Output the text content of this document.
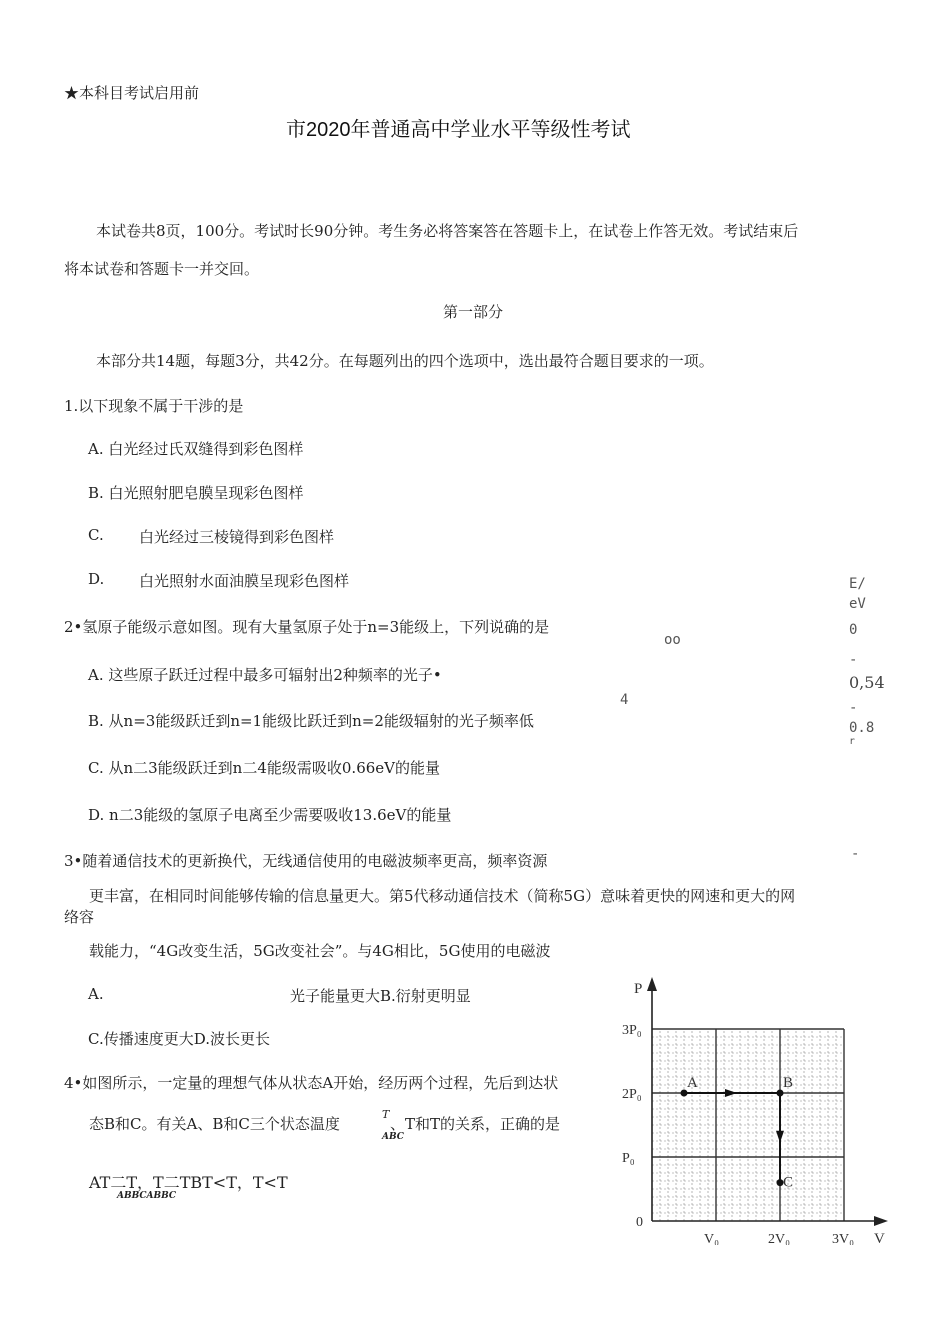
★本科目考试启用前
市2020年普通高中学业水平等级性考试
本试卷共8页，100分。考试时长90分钟。考生务必将答案答在答题卡上，在试卷上作答无效。考试结束后
将本试卷和答题卡一并交回。
第一部分
本部分共14题，每题3分，共42分。在每题列出的四个选项中，选出最符合题目要求的一项。
1.以下现象不属于干涉的是
A. 白光经过氏双缝得到彩色图样
B. 白光照射肥皂膜呈现彩色图样
C. 白光经过三棱镜得到彩色图样
D. 白光照射水面油膜呈现彩色图样
2•氢原子能级示意如图。现有大量氢原子处于n=3能级上，下列说确的是
A. 这些原子跃迁过程中最多可辐射出2种频率的光子•
B. 从n=3能级跃迁到n=1能级比跃迁到n=2能级辐射的光子频率低
C. 从n二3能级跃迁到n二4能级需吸收0.66eV的能量
D. n二3能级的氢原子电离至少需要吸收13.6eV的能量
E/
eV
0
oo
-
0,54
4	-
0.8
r
-
3•随着通信技术的更新换代，无线通信使用的电磁波频率更高，频率资源
更丰富，在相同时间能够传输的信息量更大。第5代移动通信技术（简称5G）意味着更快的网速和更大的网
络容
载能力，“4G改变生活，5G改变社会”。与4G相比，5G使用的电磁波
A.	光子能量更大B.衍射更明显
C.传播速度更大D.波长更长
4•如图所示，一定量的理想气体从状态A开始，经历两个过程，先后到达状
态B和C。有关A、B和C三个状态温度
T
ABC
、T和T的关系，正确的是
AT二T，T二TBT<T，T<T
ABBCABBC
P
V
P₀
2P₀
3P₀
0
V₀	2V₀	3V₀
A	B
C
